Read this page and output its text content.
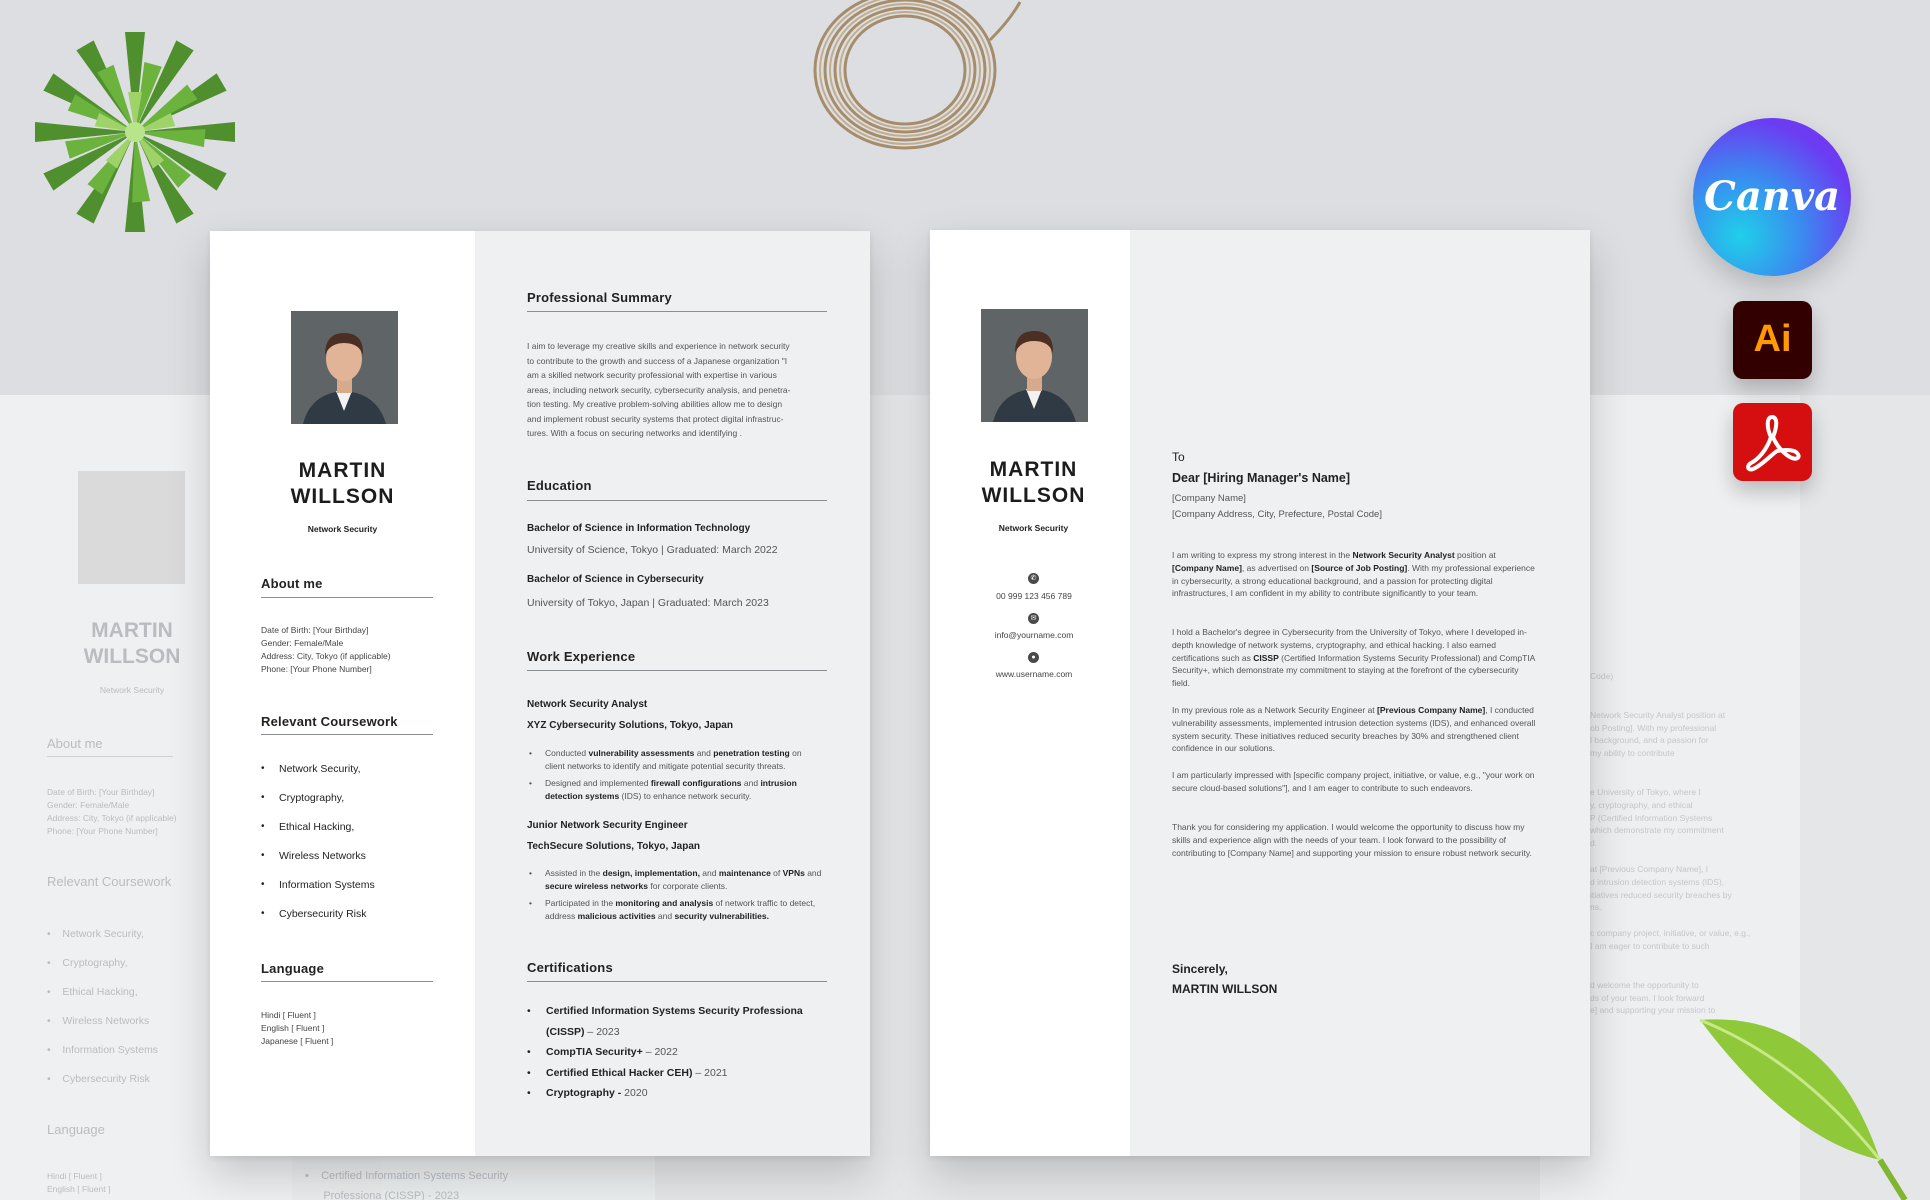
MARTIN
WILLSON
Network Security
About me
Date of Birth: [Your Birthday]
Gender: Female/Male
Address: City, Tokyo (if applicable)
Phone: [Your Phone Number]
Relevant Coursework
•    Network Security,
•    Cryptography,
•    Ethical Hacking,
•    Wireless Networks
•    Information Systems
•    Cybersecurity Risk
Language
Hindi [ Fluent ]
English [ Fluent ]
•    Certified Information Systems Security
Professiona (CISSP) - 2023
Code)
Network Security Analyst position at
ob Posting]. With my professional
l background, and a passion for
my ability to contribute
e University of Tokyo, where I
y, cryptography, and ethical
P (Certified Information Systems
which demonstrate my commitment
d.
at [Previous Company Name], I
d intrusion detection systems (IDS),
itiatives reduced security breaches by
ns.
c company project, initiative, or value, e.g.,
I am eager to contribute to such
d welcome the opportunity to
ds of your team. I look forward
e] and supporting your mission to
MARTIN
WILLSON
Network Security
About me
Date of Birth: [Your Birthday]
Gender: Female/Male
Address: City, Tokyo (if applicable)
Phone: [Your Phone Number]
Relevant Coursework
• Network Security,
• Cryptography,
• Ethical Hacking,
• Wireless Networks
• Information Systems
• Cybersecurity Risk
Language
Hindi [ Fluent ]
English [ Fluent ]
Japanese [ Fluent ]
Professional Summary
I aim to leverage my creative skills and experience in network security
to contribute to the growth and success of a Japanese organization "I
am a skilled network security professional with expertise in various
areas, including network security, cybersecurity analysis, and penetra-
tion testing. My creative problem-solving abilities allow me to design
and implement robust security systems that protect digital infrastruc-
tures. With a focus on securing networks and identifying .
Education
Bachelor of Science in Information Technology
University of Science, Tokyo | Graduated: March 2022
Bachelor of Science in Cybersecurity
University of Tokyo, Japan | Graduated: March 2023
Work Experience
Network Security Analyst
XYZ Cybersecurity Solutions, Tokyo, Japan
• Conducted vulnerability assessments and penetration testing on client networks to identify and mitigate potential security threats.
• Designed and implemented firewall configurations and intrusion detection systems (IDS) to enhance network security.
Junior Network Security Engineer
TechSecure Solutions, Tokyo, Japan
• Assisted in the design, implementation, and maintenance of VPNs and secure wireless networks for corporate clients.
• Participated in the monitoring and analysis of network traffic to detect, address malicious activities and security vulnerabilities.
Certifications
• Certified Information Systems Security Professiona (CISSP) – 2023
• CompTIA Security+ – 2022
• Certified Ethical Hacker CEH) – 2021
• Cryptography - 2020
MARTIN
WILLSON
Network Security
✆
00 999 123 456 789
✉
info@yourname.com
●
www.username.com
To
Dear [Hiring Manager's Name]
[Company Name]
[Company Address, City, Prefecture, Postal Code]
I am writing to express my strong interest in the Network Security Analyst position at [Company Name], as advertised on [Source of Job Posting]. With my professional experience in cybersecurity, a strong educational background, and a passion for protecting digital infrastructures, I am confident in my ability to contribute significantly to your team.
I hold a Bachelor's degree in Cybersecurity from the University of Tokyo, where I developed in-depth knowledge of network systems, cryptography, and ethical hacking. I also earned certifications such as CISSP (Certified Information Systems Security Professional) and CompTIA Security+, which demonstrate my commitment to staying at the forefront of the cybersecurity field.
In my previous role as a Network Security Engineer at [Previous Company Name], I conducted vulnerability assessments, implemented intrusion detection systems (IDS), and enhanced overall system security. These initiatives reduced security breaches by 30% and strengthened client confidence in our solutions.
I am particularly impressed with [specific company project, initiative, or value, e.g., "your work on secure cloud-based solutions"], and I am eager to contribute to such endeavors.
Thank you for considering my application. I would welcome the opportunity to discuss how my skills and experience align with the needs of your team. I look forward to the possibility of contributing to [Company Name] and supporting your mission to ensure robust network security.
Sincerely,
MARTIN WILLSON
Canva
Ai
